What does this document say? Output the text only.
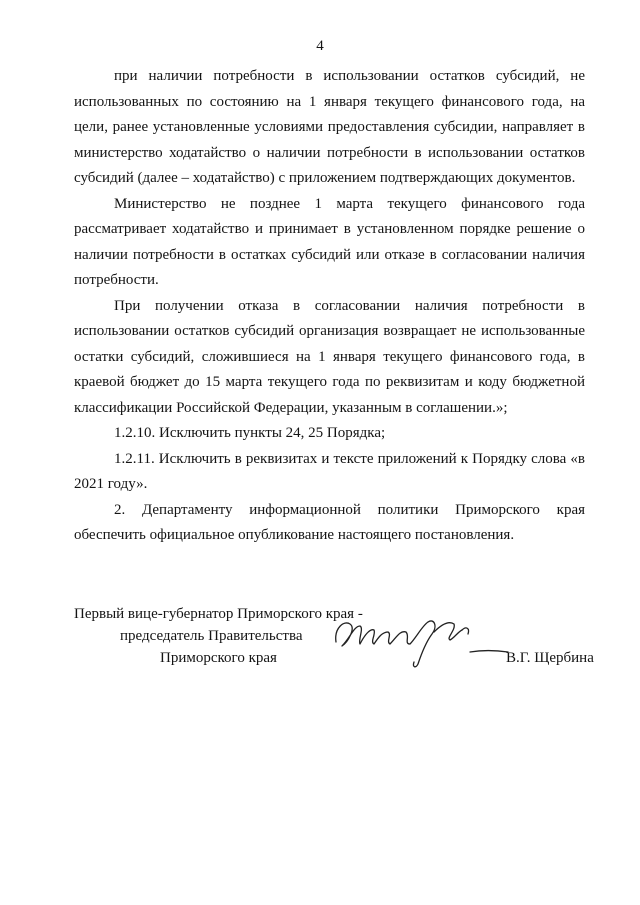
4

при наличии потребности в использовании остатков субсидий, не использованных по состоянию на 1 января текущего финансового года, на цели, ранее установленные условиями предоставления субсидии, направляет в министерство ходатайство о наличии потребности в использовании остатков субсидий (далее – ходатайство) с приложением подтверждающих документов.

Министерство не позднее 1 марта текущего финансового года рассматривает ходатайство и принимает в установленном порядке решение о наличии потребности в остатках субсидий или отказе в согласовании наличия потребности.

При получении отказа в согласовании наличия потребности в использовании остатков субсидий организация возвращает не использованные остатки субсидий, сложившиеся на 1 января текущего финансового года, в краевой бюджет до 15 марта текущего года по реквизитам и коду бюджетной классификации Российской Федерации, указанным в соглашении.»;

1.2.10. Исключить пункты 24, 25 Порядка;

1.2.11. Исключить в реквизитах и тексте приложений к Порядку слова «в 2021 году».

2. Департаменту информационной политики Приморского края обеспечить официальное опубликование настоящего постановления.

Первый вице-губернатор Приморского края -
председатель Правительства
Приморского края	В.Г. Щербина
